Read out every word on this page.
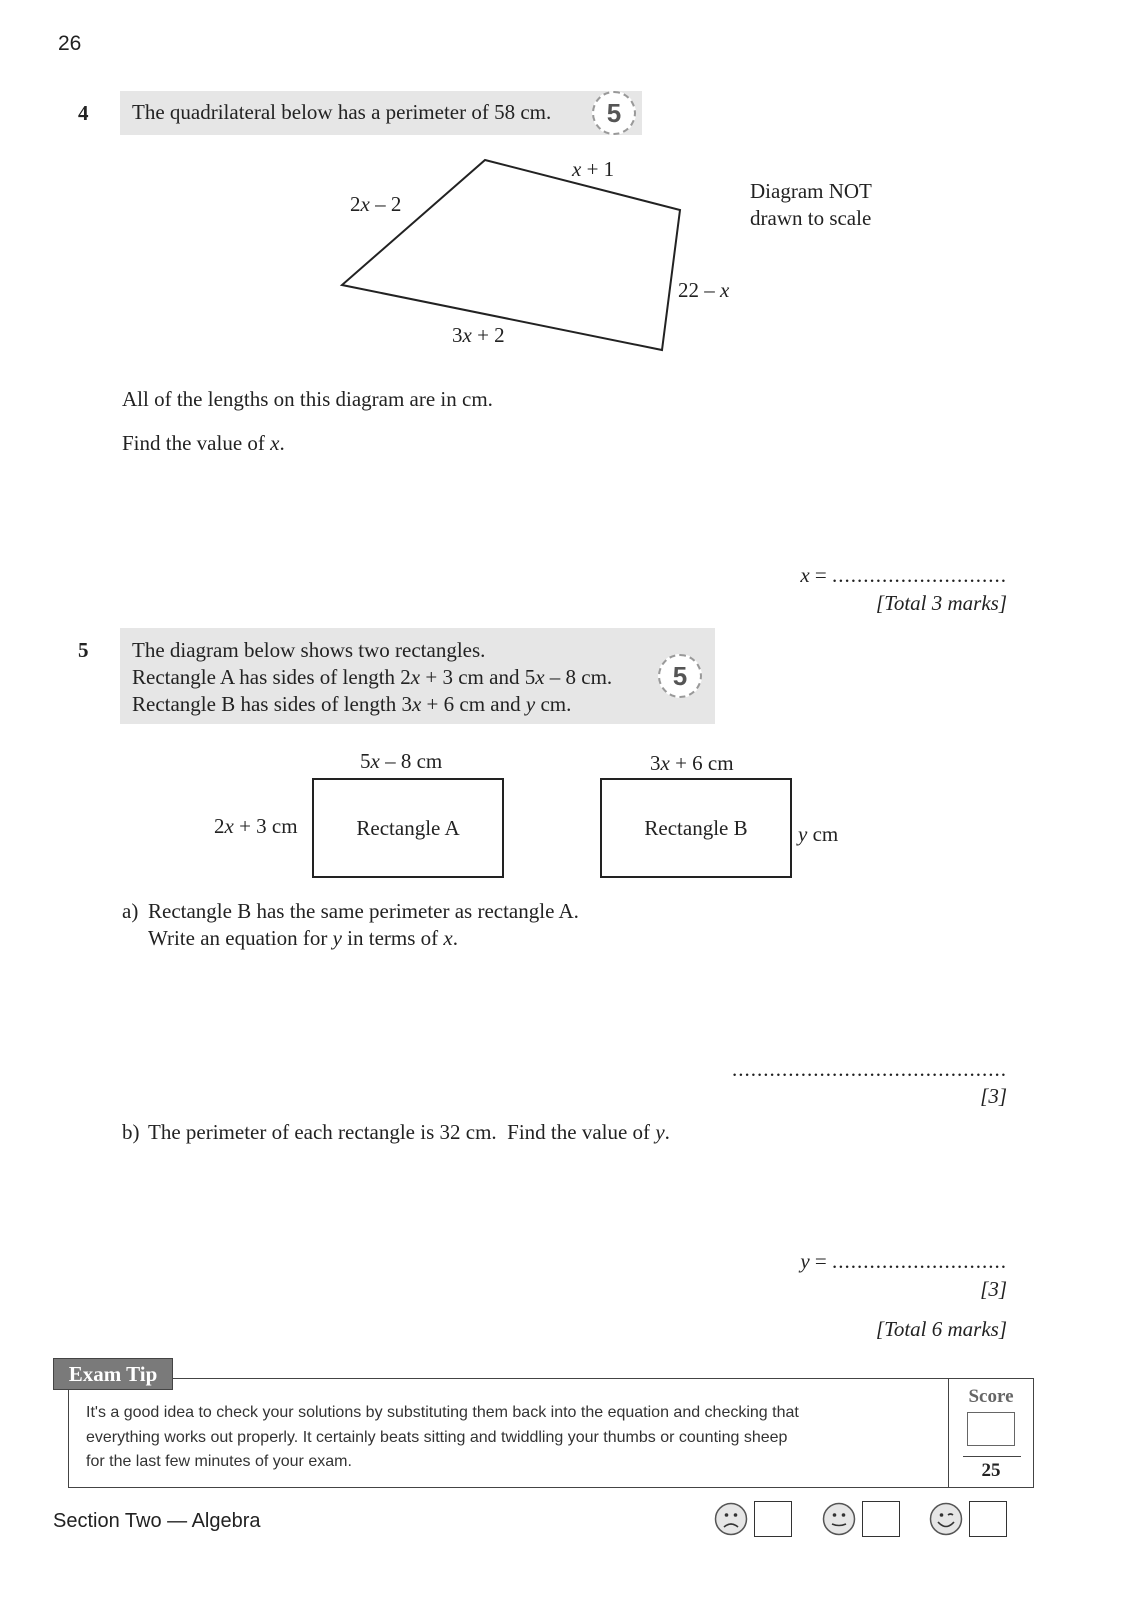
26
4 The quadrilateral below has a perimeter of 58 cm. 5
x + 1
2x – 2
22 – x
3x + 2
Diagram NOT
drawn to scale
All of the lengths on this diagram are in cm.
Find the value of x.
x = ............................
[Total 3 marks]
5 The diagram below shows two rectangles.
Rectangle A has sides of length 2x + 3 cm and 5x – 8 cm.
Rectangle B has sides of length 3x + 6 cm and y cm.
5
5x – 8 cm
2x + 3 cm	Rectangle A
3x + 6 cm
Rectangle B y cm
a) Rectangle B has the same perimeter as rectangle A.
Write an equation for y in terms of x.
............................................
[3]
b) The perimeter of each rectangle is 32 cm.  Find the value of y.
y = ............................
[3]
[Total 6 marks]
Exam Tip
It's a good idea to check your solutions by substituting them back into the equation and checking that
everything works out properly. It certainly beats sitting and twiddling your thumbs or counting sheep
for the last few minutes of your exam.
Score
25
Section Two — Algebra
